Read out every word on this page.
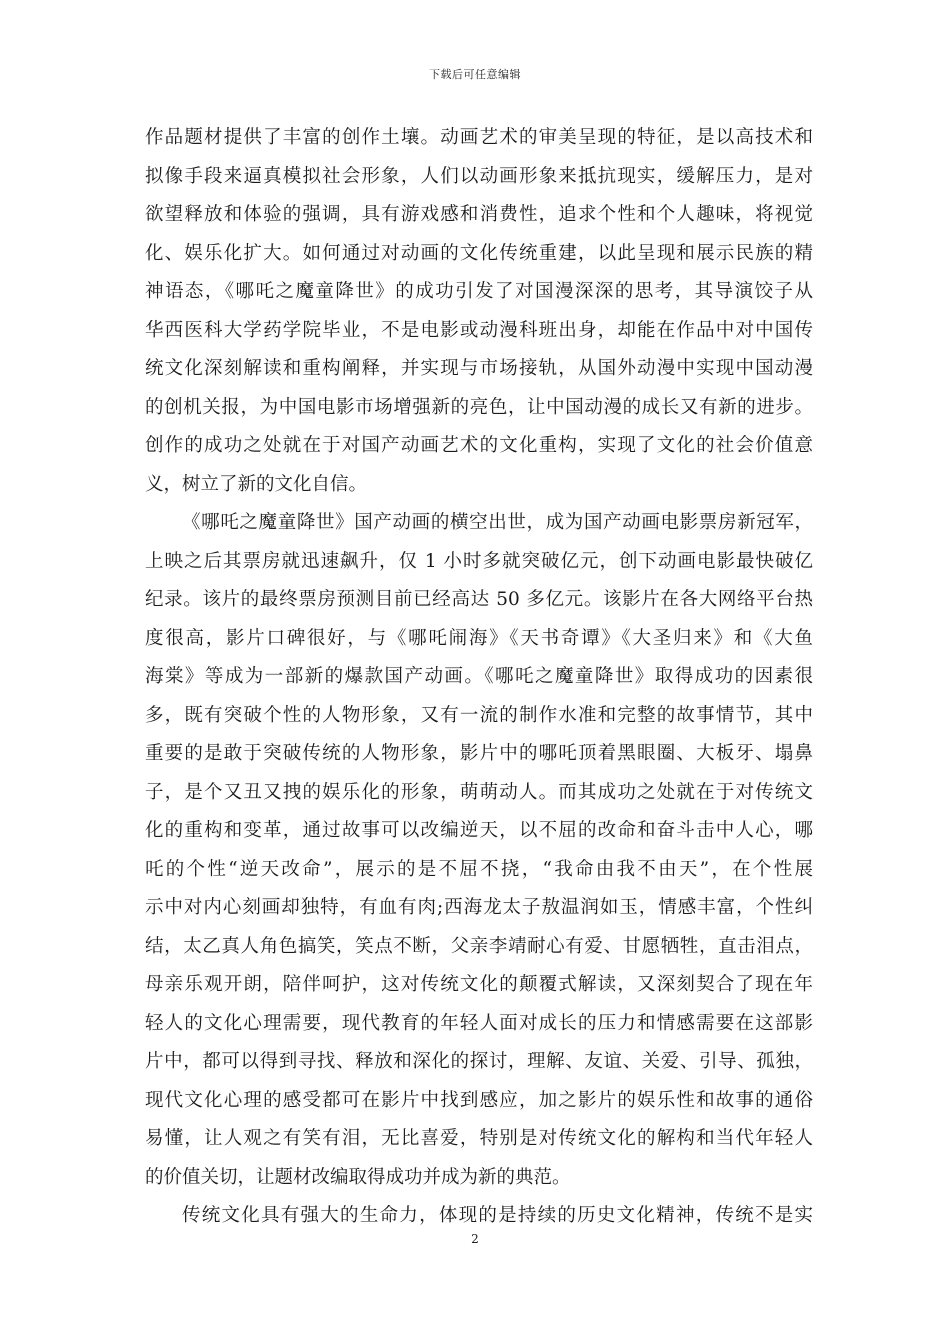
下载后可任意编辑
作品题材提供了丰富的创作土壤。动画艺术的审美呈现的特征，是以高技术和
拟像手段来逼真模拟社会形象，人们以动画形象来抵抗现实，缓解压力，是对
欲望释放和体验的强调，具有游戏感和消费性，追求个性和个人趣味，将视觉
化、娱乐化扩大。如何通过对动画的文化传统重建，以此呈现和展示民族的精
神语态，《哪吒之魔童降世》的成功引发了对国漫深深的思考，其导演饺子从
华西医科大学药学院毕业，不是电影或动漫科班出身，却能在作品中对中国传
统文化深刻解读和重构阐释，并实现与市场接轨，从国外动漫中实现中国动漫
的创机关报，为中国电影市场增强新的亮色，让中国动漫的成长又有新的进步。
创作的成功之处就在于对国产动画艺术的文化重构，实现了文化的社会价值意
义，树立了新的文化自信。
《哪吒之魔童降世》国产动画的横空出世，成为国产动画电影票房新冠军，
上映之后其票房就迅速飙升，仅 1 小时多就突破亿元，创下动画电影最快破亿
纪录。该片的最终票房预测目前已经高达 50 多亿元。该影片在各大网络平台热
度很高，影片口碑很好，与《哪吒闹海》《天书奇谭》《大圣归来》和《大鱼
海棠》等成为一部新的爆款国产动画。《哪吒之魔童降世》取得成功的因素很
多，既有突破个性的人物形象，又有一流的制作水准和完整的故事情节，其中
重要的是敢于突破传统的人物形象，影片中的哪吒顶着黑眼圈、大板牙、塌鼻
子，是个又丑又拽的娱乐化的形象，萌萌动人。而其成功之处就在于对传统文
化的重构和变革，通过故事可以改编逆天，以不屈的改命和奋斗击中人心，哪
吒的个性“逆天改命”，展示的是不屈不挠，“我命由我不由天”，在个性展
示中对内心刻画却独特，有血有肉;西海龙太子敖温润如玉，情感丰富，个性纠
结，太乙真人角色搞笑，笑点不断，父亲李靖耐心有爱、甘愿牺牲，直击泪点，
母亲乐观开朗，陪伴呵护，这对传统文化的颠覆式解读，又深刻契合了现在年
轻人的文化心理需要，现代教育的年轻人面对成长的压力和情感需要在这部影
片中，都可以得到寻找、释放和深化的探讨，理解、友谊、关爱、引导、孤独，
现代文化心理的感受都可在影片中找到感应，加之影片的娱乐性和故事的通俗
易懂，让人观之有笑有泪，无比喜爱，特别是对传统文化的解构和当代年轻人
的价值关切，让题材改编取得成功并成为新的典范。
传统文化具有强大的生命力，体现的是持续的历史文化精神，传统不是实
2
